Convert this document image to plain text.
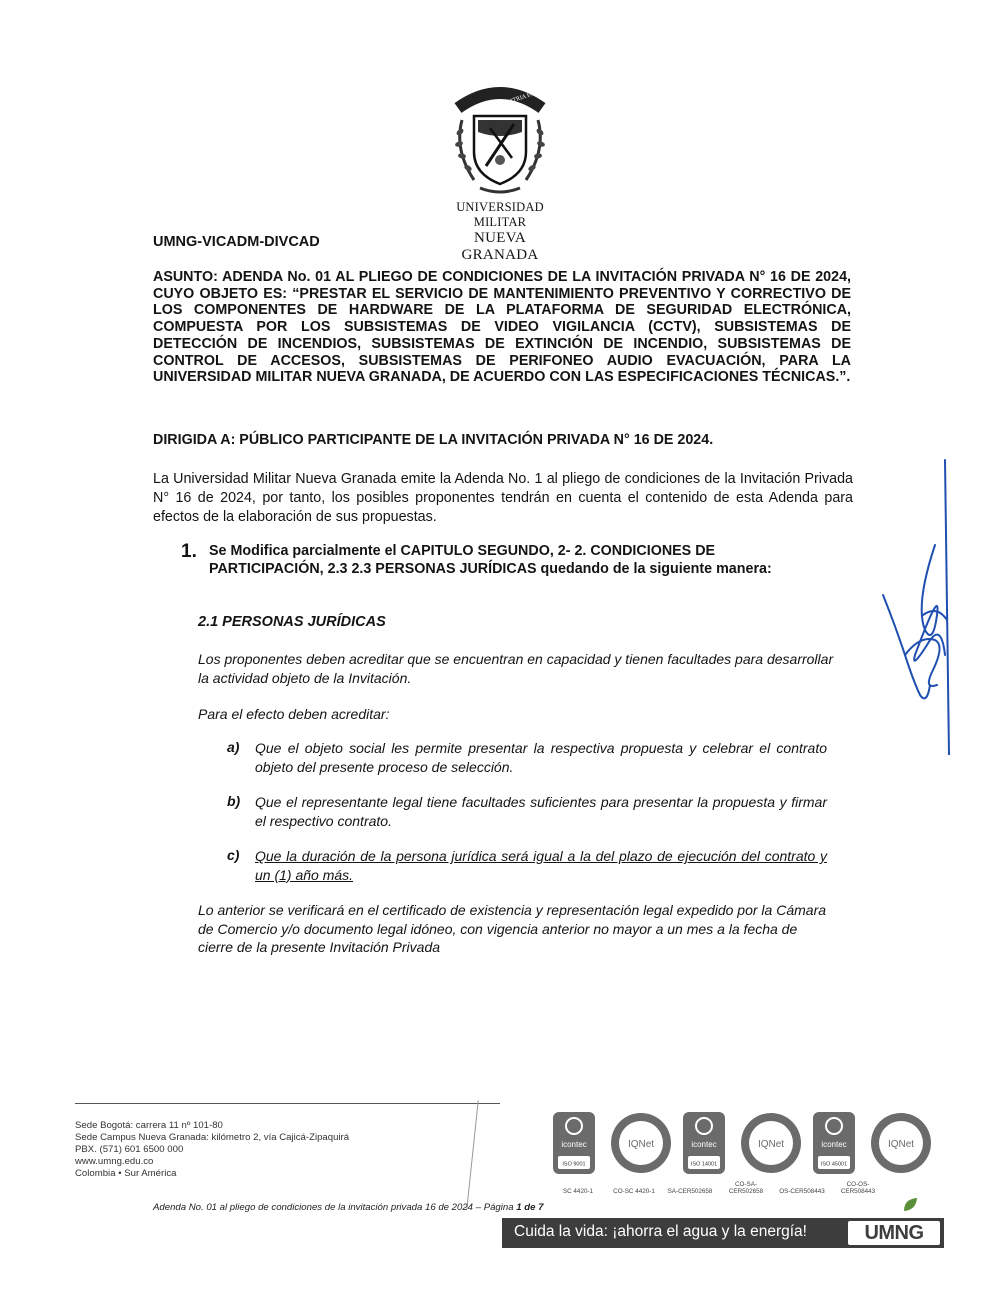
SCIENTIA PATRIA FAMILIA
UNIVERSIDAD MILITAR
NUEVA GRANADA
UMNG-VICADM-DIVCAD
ASUNTO: ADENDA No. 01 AL PLIEGO DE CONDICIONES DE LA INVITACIÓN PRIVADA N° 16 DE 2024, CUYO OBJETO ES: “PRESTAR EL SERVICIO DE MANTENIMIENTO PREVENTIVO Y CORRECTIVO DE LOS COMPONENTES DE HARDWARE DE LA PLATAFORMA DE SEGURIDAD ELECTRÓNICA, COMPUESTA POR LOS SUBSISTEMAS DE VIDEO VIGILANCIA (CCTV), SUBSISTEMAS DE DETECCIÓN DE INCENDIOS, SUBSISTEMAS DE EXTINCIÓN DE INCENDIO, SUBSISTEMAS DE CONTROL DE ACCESOS, SUBSISTEMAS DE PERIFONEO AUDIO EVACUACIÓN, PARA LA UNIVERSIDAD MILITAR NUEVA GRANADA, DE ACUERDO CON LAS ESPECIFICACIONES TÉCNICAS.”.
DIRIGIDA A: PÚBLICO PARTICIPANTE DE LA INVITACIÓN PRIVADA N° 16 DE 2024.
La Universidad Militar Nueva Granada emite la Adenda No. 1 al pliego de condiciones de la Invitación Privada N° 16 de 2024, por tanto, los posibles proponentes tendrán en cuenta el contenido de esta Adenda para efectos de la elaboración de sus propuestas.
1. Se Modifica parcialmente el CAPITULO SEGUNDO, 2- 2. CONDICIONES DE PARTICIPACIÓN, 2.3 2.3 PERSONAS JURÍDICAS quedando de la siguiente manera:
2.1 PERSONAS JURÍDICAS
Los proponentes deben acreditar que se encuentran en capacidad y tienen facultades para desarrollar la actividad objeto de la Invitación.
Para el efecto deben acreditar:
a) Que el objeto social les permite presentar la respectiva propuesta y celebrar el contrato objeto del presente proceso de selección.
b) Que el representante legal tiene facultades suficientes para presentar la propuesta y firmar el respectivo contrato.
c) Que la duración de la persona jurídica será igual a la del plazo de ejecución del contrato y un (1) año más.
Lo anterior se verificará en el certificado de existencia y representación legal expedido por la Cámara de Comercio y/o documento legal idóneo, con vigencia anterior no mayor a un mes a la fecha de cierre de la presente Invitación Privada
Sede Bogotá: carrera 11 nº 101-80
Sede Campus Nueva Granada: kilómetro 2, vía Cajicá-Zipaquirá
PBX. (571) 601 6500 000
www.umng.edu.co
Colombia • Sur América
icontec
ISO 9001
IQNet	icontec
ISO 14001
IQNet	icontec
ISO 45001
IQNet
SC 4420-1	CO-SC 4420-1 SA-CER502658CO-SA-CER502658	OS-CER508443CO-OS-CER508443
Adenda No. 01 al pliego de condiciones de la invitación privada 16 de 2024 – Página 1 de 7
Cuida la vida: ¡ahorra el agua y la energía!	UMNG
